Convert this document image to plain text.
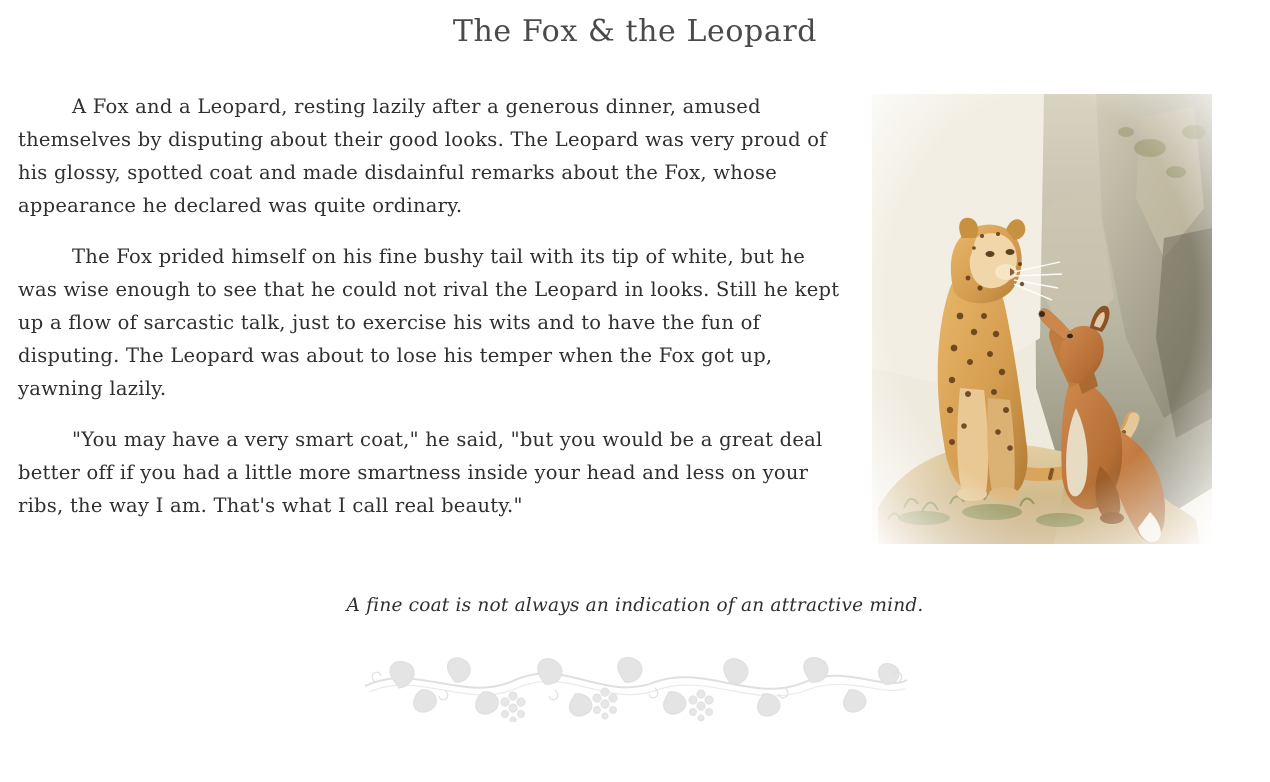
The Fox & the Leopard

A Fox and a Leopard, resting lazily after a generous dinner, amused themselves by disputing about their good looks. The Leopard was very proud of his glossy, spotted coat and made disdainful remarks about the Fox, whose appearance he declared was quite ordinary.

The Fox prided himself on his fine bushy tail with its tip of white, but he was wise enough to see that he could not rival the Leopard in looks. Still he kept up a flow of sarcastic talk, just to exercise his wits and to have the fun of disputing. The Leopard was about to lose his temper when the Fox got up, yawning lazily.

"You may have a very smart coat," he said, "but you would be a great deal better off if you had a little more smartness inside your head and less on your ribs, the way I am. That's what I call real beauty."

A fine coat is not always an indication of an attractive mind.
